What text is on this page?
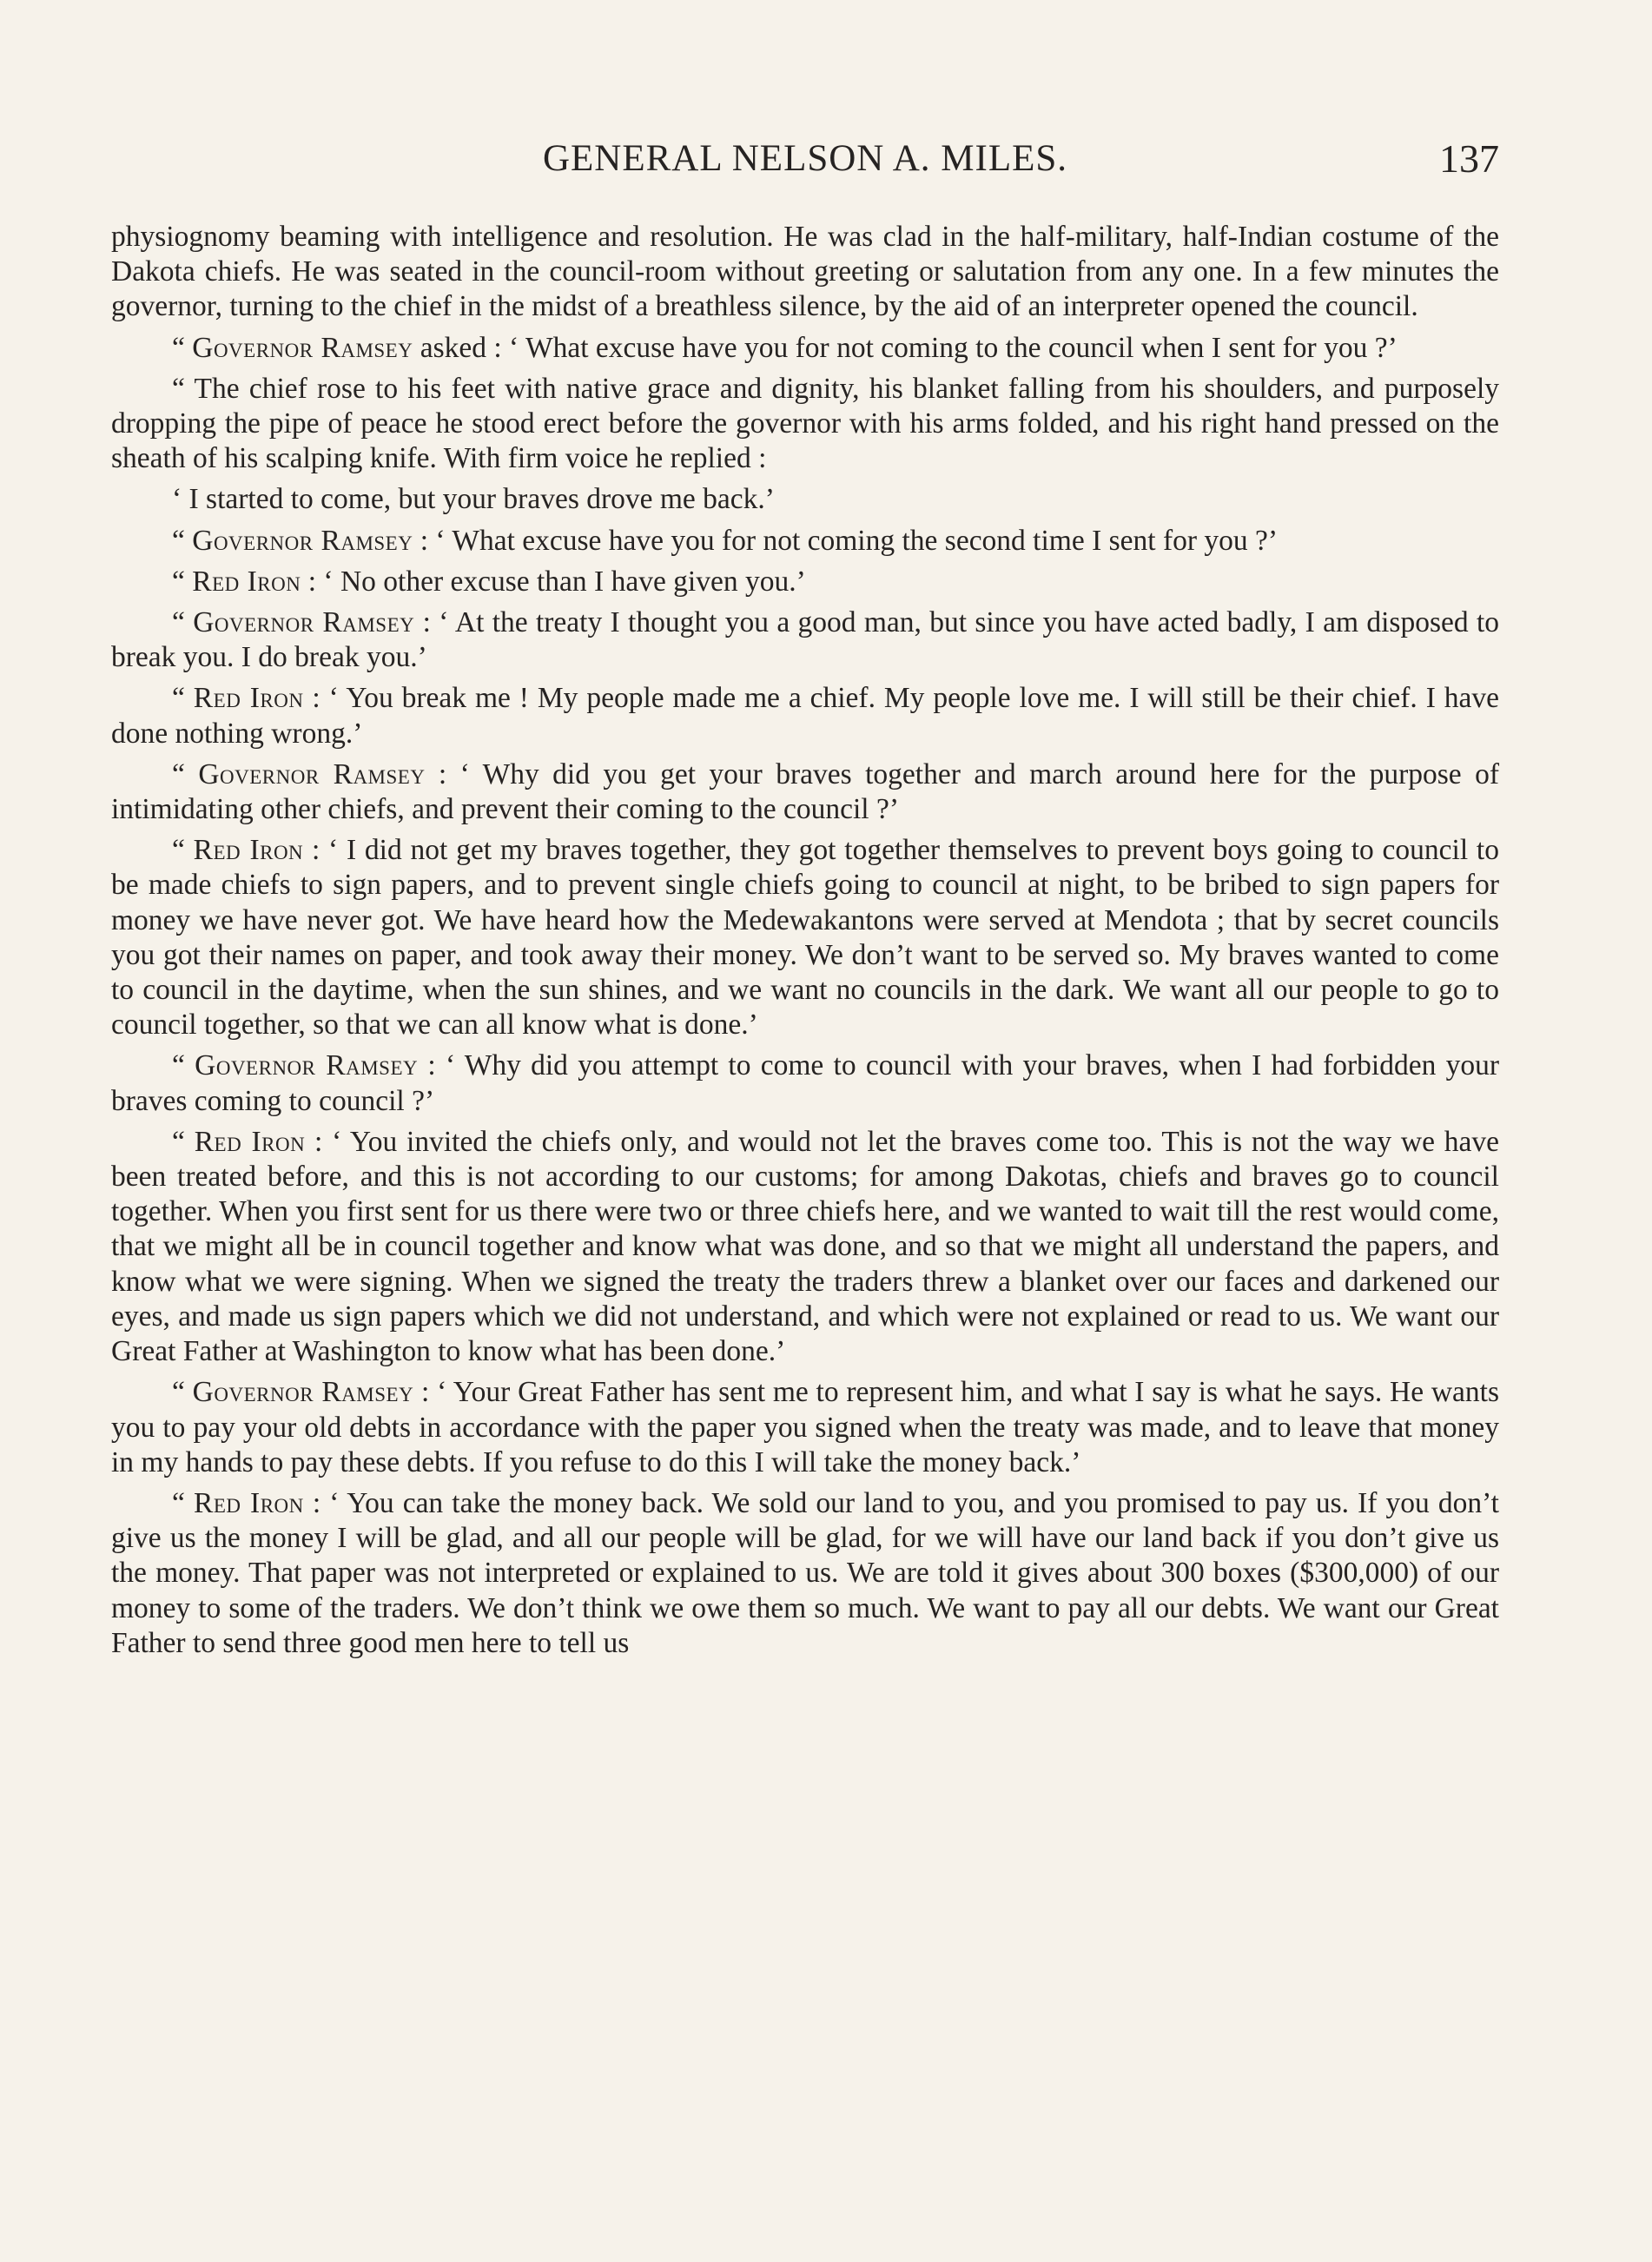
GENERAL NELSON A. MILES.	137

physiognomy beaming with intelligence and resolution. He was clad in the half-military, half-Indian costume of the Dakota chiefs. He was seated in the council-room without greeting or salutation from any one. In a few minutes the governor, turning to the chief in the midst of a breathless silence, by the aid of an interpreter opened the council.

“ Governor Ramsey asked : ‘ What excuse have you for not coming to the council when I sent for you ?’

“ The chief rose to his feet with native grace and dignity, his blanket falling from his shoulders, and purposely dropping the pipe of peace he stood erect before the governor with his arms folded, and his right hand pressed on the sheath of his scalping knife. With firm voice he replied :

‘ I started to come, but your braves drove me back.’

“ Governor Ramsey : ‘ What excuse have you for not coming the second time I sent for you ?’

“ Red Iron : ‘ No other excuse than I have given you.’

“ Governor Ramsey : ‘ At the treaty I thought you a good man, but since you have acted badly, I am disposed to break you. I do break you.’

“ Red Iron : ‘ You break me ! My people made me a chief. My people love me. I will still be their chief. I have done nothing wrong.’

“ Governor Ramsey : ‘ Why did you get your braves together and march around here for the purpose of intimidating other chiefs, and prevent their coming to the council ?’

“ Red Iron : ‘ I did not get my braves together, they got together themselves to prevent boys going to council to be made chiefs to sign papers, and to prevent single chiefs going to council at night, to be bribed to sign papers for money we have never got. We have heard how the Medewakantons were served at Mendota ; that by secret councils you got their names on paper, and took away their money. We don’t want to be served so. My braves wanted to come to council in the daytime, when the sun shines, and we want no councils in the dark. We want all our people to go to council together, so that we can all know what is done.’

“ Governor Ramsey : ‘ Why did you attempt to come to council with your braves, when I had forbidden your braves coming to council ?’

“ Red Iron : ‘ You invited the chiefs only, and would not let the braves come too. This is not the way we have been treated before, and this is not according to our customs; for among Dakotas, chiefs and braves go to council together. When you first sent for us there were two or three chiefs here, and we wanted to wait till the rest would come, that we might all be in council together and know what was done, and so that we might all understand the papers, and know what we were signing. When we signed the treaty the traders threw a blanket over our faces and darkened our eyes, and made us sign papers which we did not understand, and which were not explained or read to us. We want our Great Father at Washington to know what has been done.’

“ Governor Ramsey : ‘ Your Great Father has sent me to represent him, and what I say is what he says. He wants you to pay your old debts in accordance with the paper you signed when the treaty was made, and to leave that money in my hands to pay these debts. If you refuse to do this I will take the money back.’

“ Red Iron : ‘ You can take the money back. We sold our land to you, and you promised to pay us. If you don’t give us the money I will be glad, and all our people will be glad, for we will have our land back if you don’t give us the money. That paper was not interpreted or explained to us. We are told it gives about 300 boxes ($300,000) of our money to some of the traders. We don’t think we owe them so much. We want to pay all our debts. We want our Great Father to send three good men here to tell us
